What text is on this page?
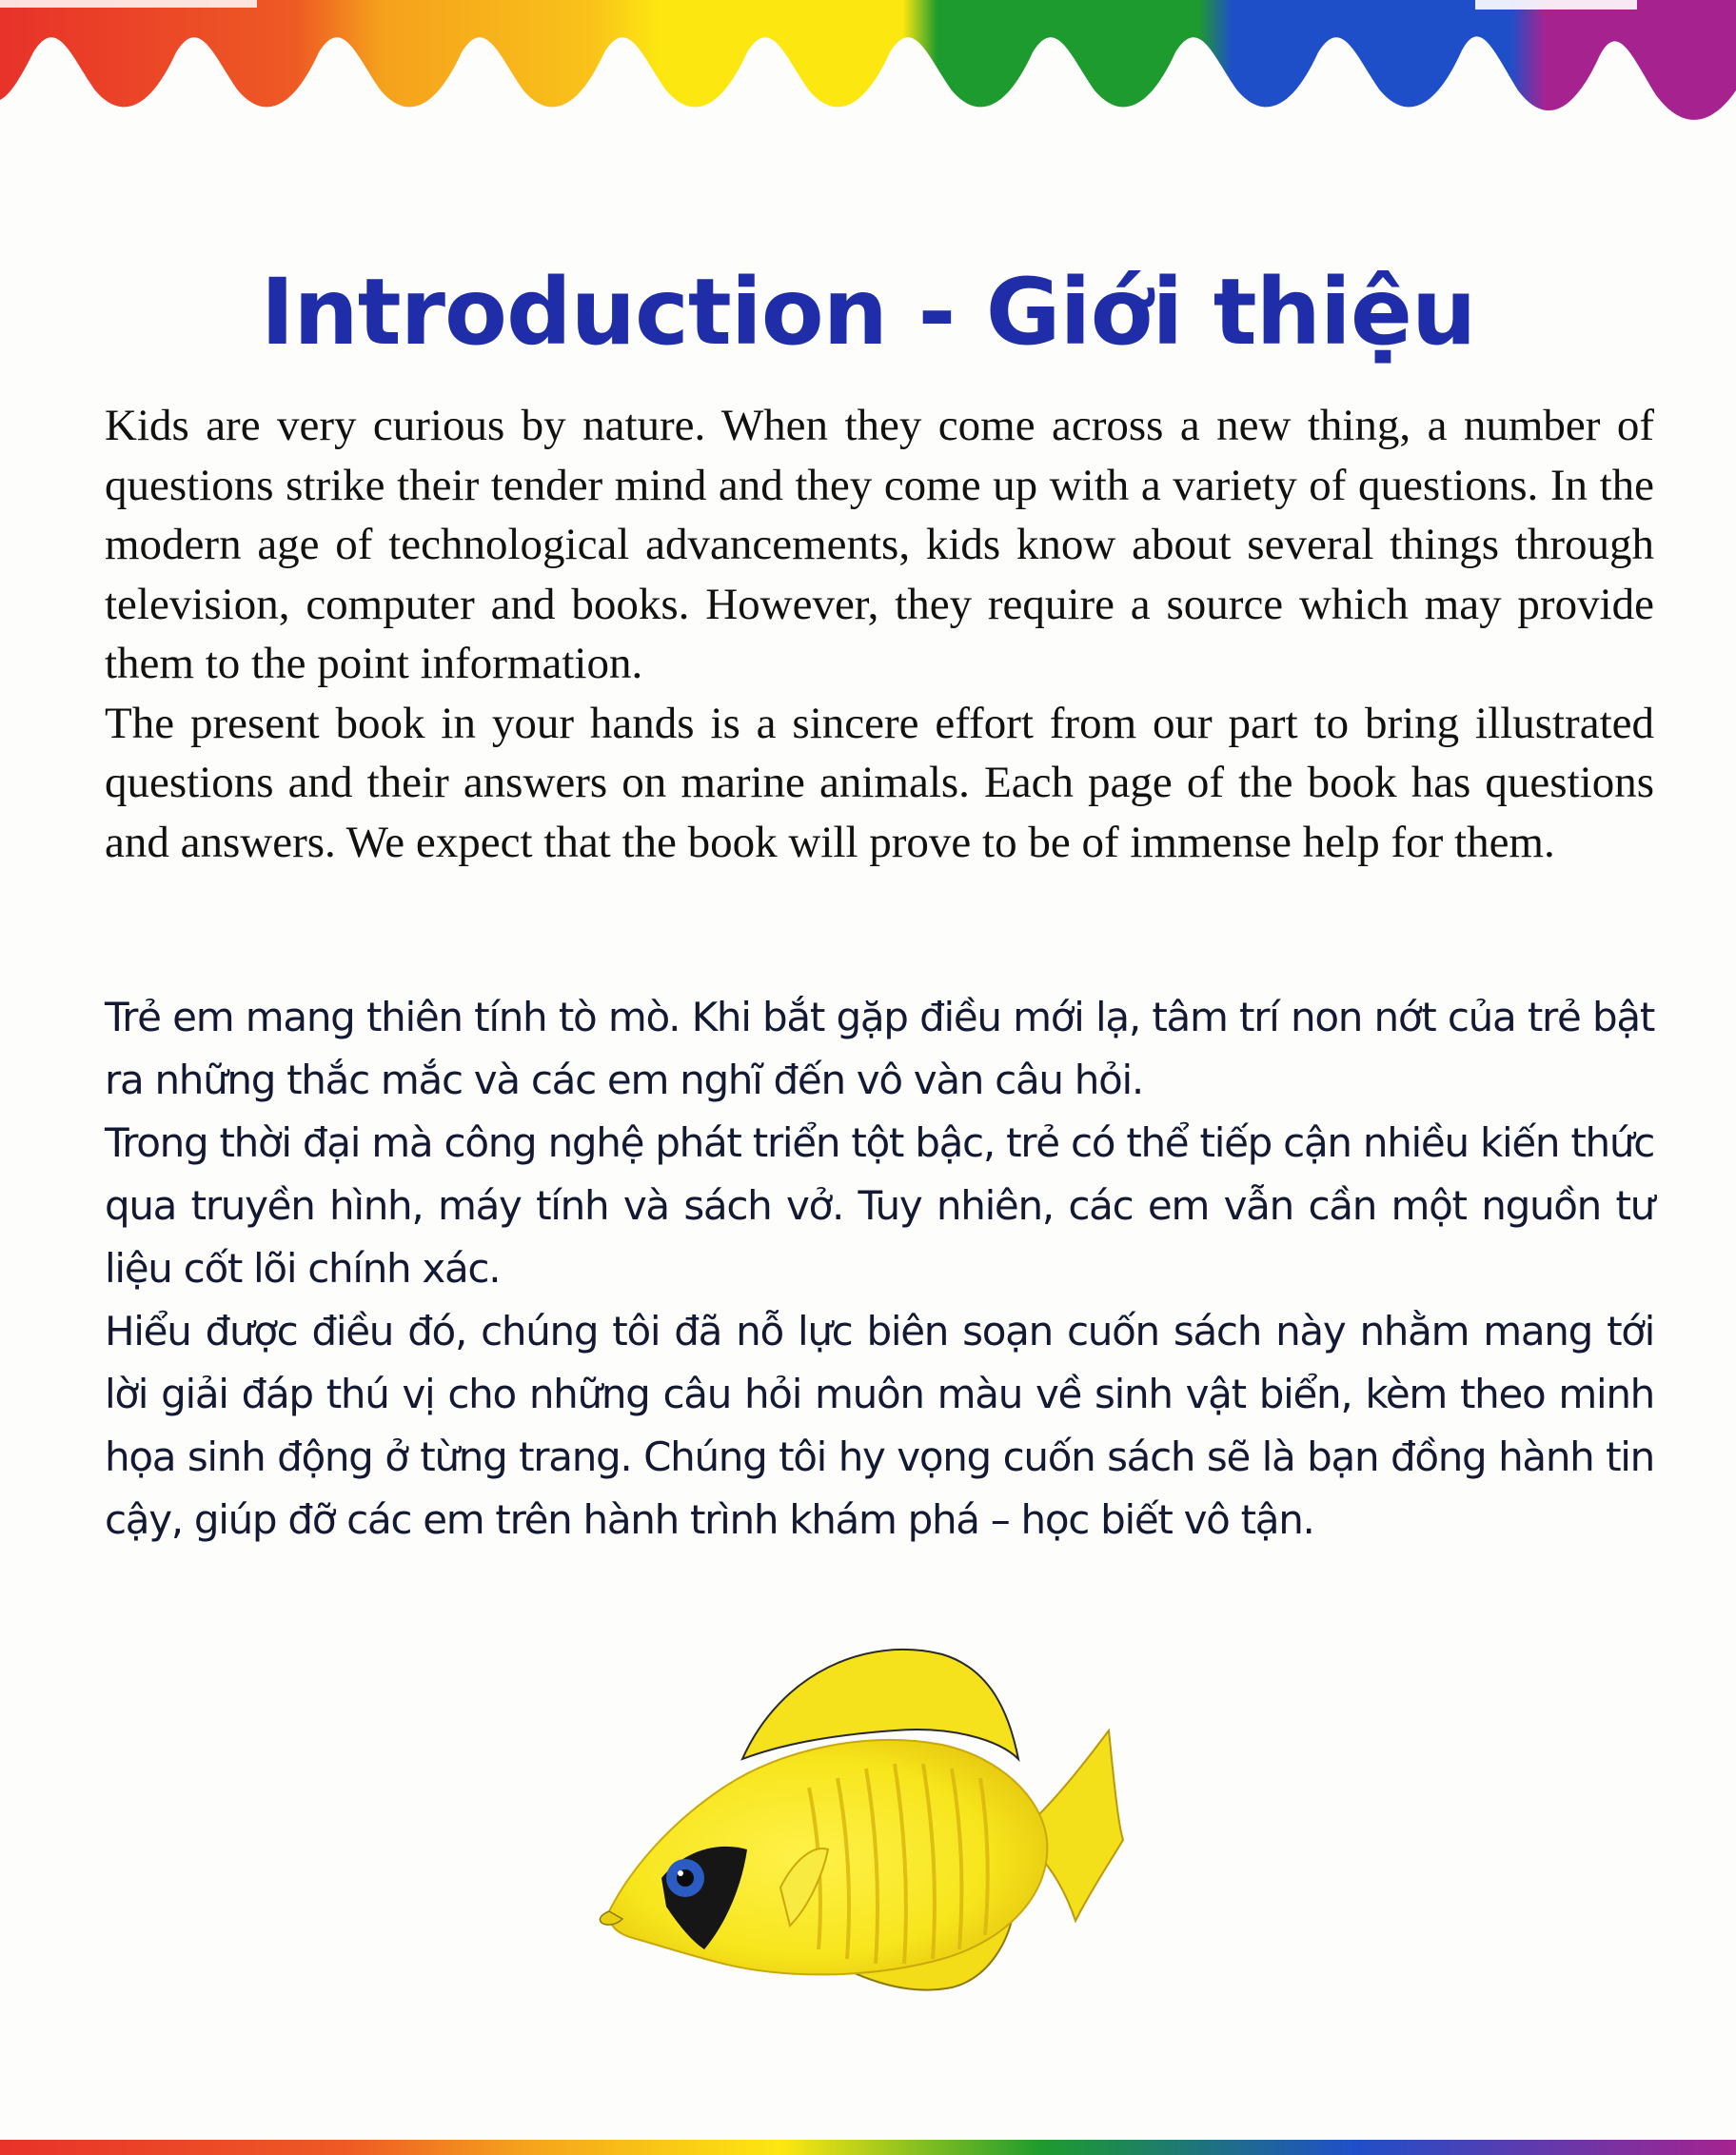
Introduction - Giới thiệu

Kids are very curious by nature. When they come across a new thing, a number of questions strike their tender mind and they come up with a variety of questions. In the modern age of technological advancements, kids know about several things through television, computer and books. However, they require a source which may provide them to the point information.

The present book in your hands is a sincere effort from our part to bring illustrated questions and their answers on marine animals. Each page of the book has questions and answers. We expect that the book will prove to be of immense help for them.

Trẻ em mang thiên tính tò mò. Khi bắt gặp điều mới lạ, tâm trí non nớt của trẻ bật ra những thắc mắc và các em nghĩ đến vô vàn câu hỏi.

Trong thời đại mà công nghệ phát triển tột bậc, trẻ có thể tiếp cận nhiều kiến thức qua truyền hình, máy tính và sách vở. Tuy nhiên, các em vẫn cần một nguồn tư liệu cốt lõi chính xác.

Hiểu được điều đó, chúng tôi đã nỗ lực biên soạn cuốn sách này nhằm mang tới lời giải đáp thú vị cho những câu hỏi muôn màu về sinh vật biển, kèm theo minh họa sinh động ở từng trang. Chúng tôi hy vọng cuốn sách sẽ là bạn đồng hành tin cậy, giúp đỡ các em trên hành trình khám phá – học biết vô tận.
